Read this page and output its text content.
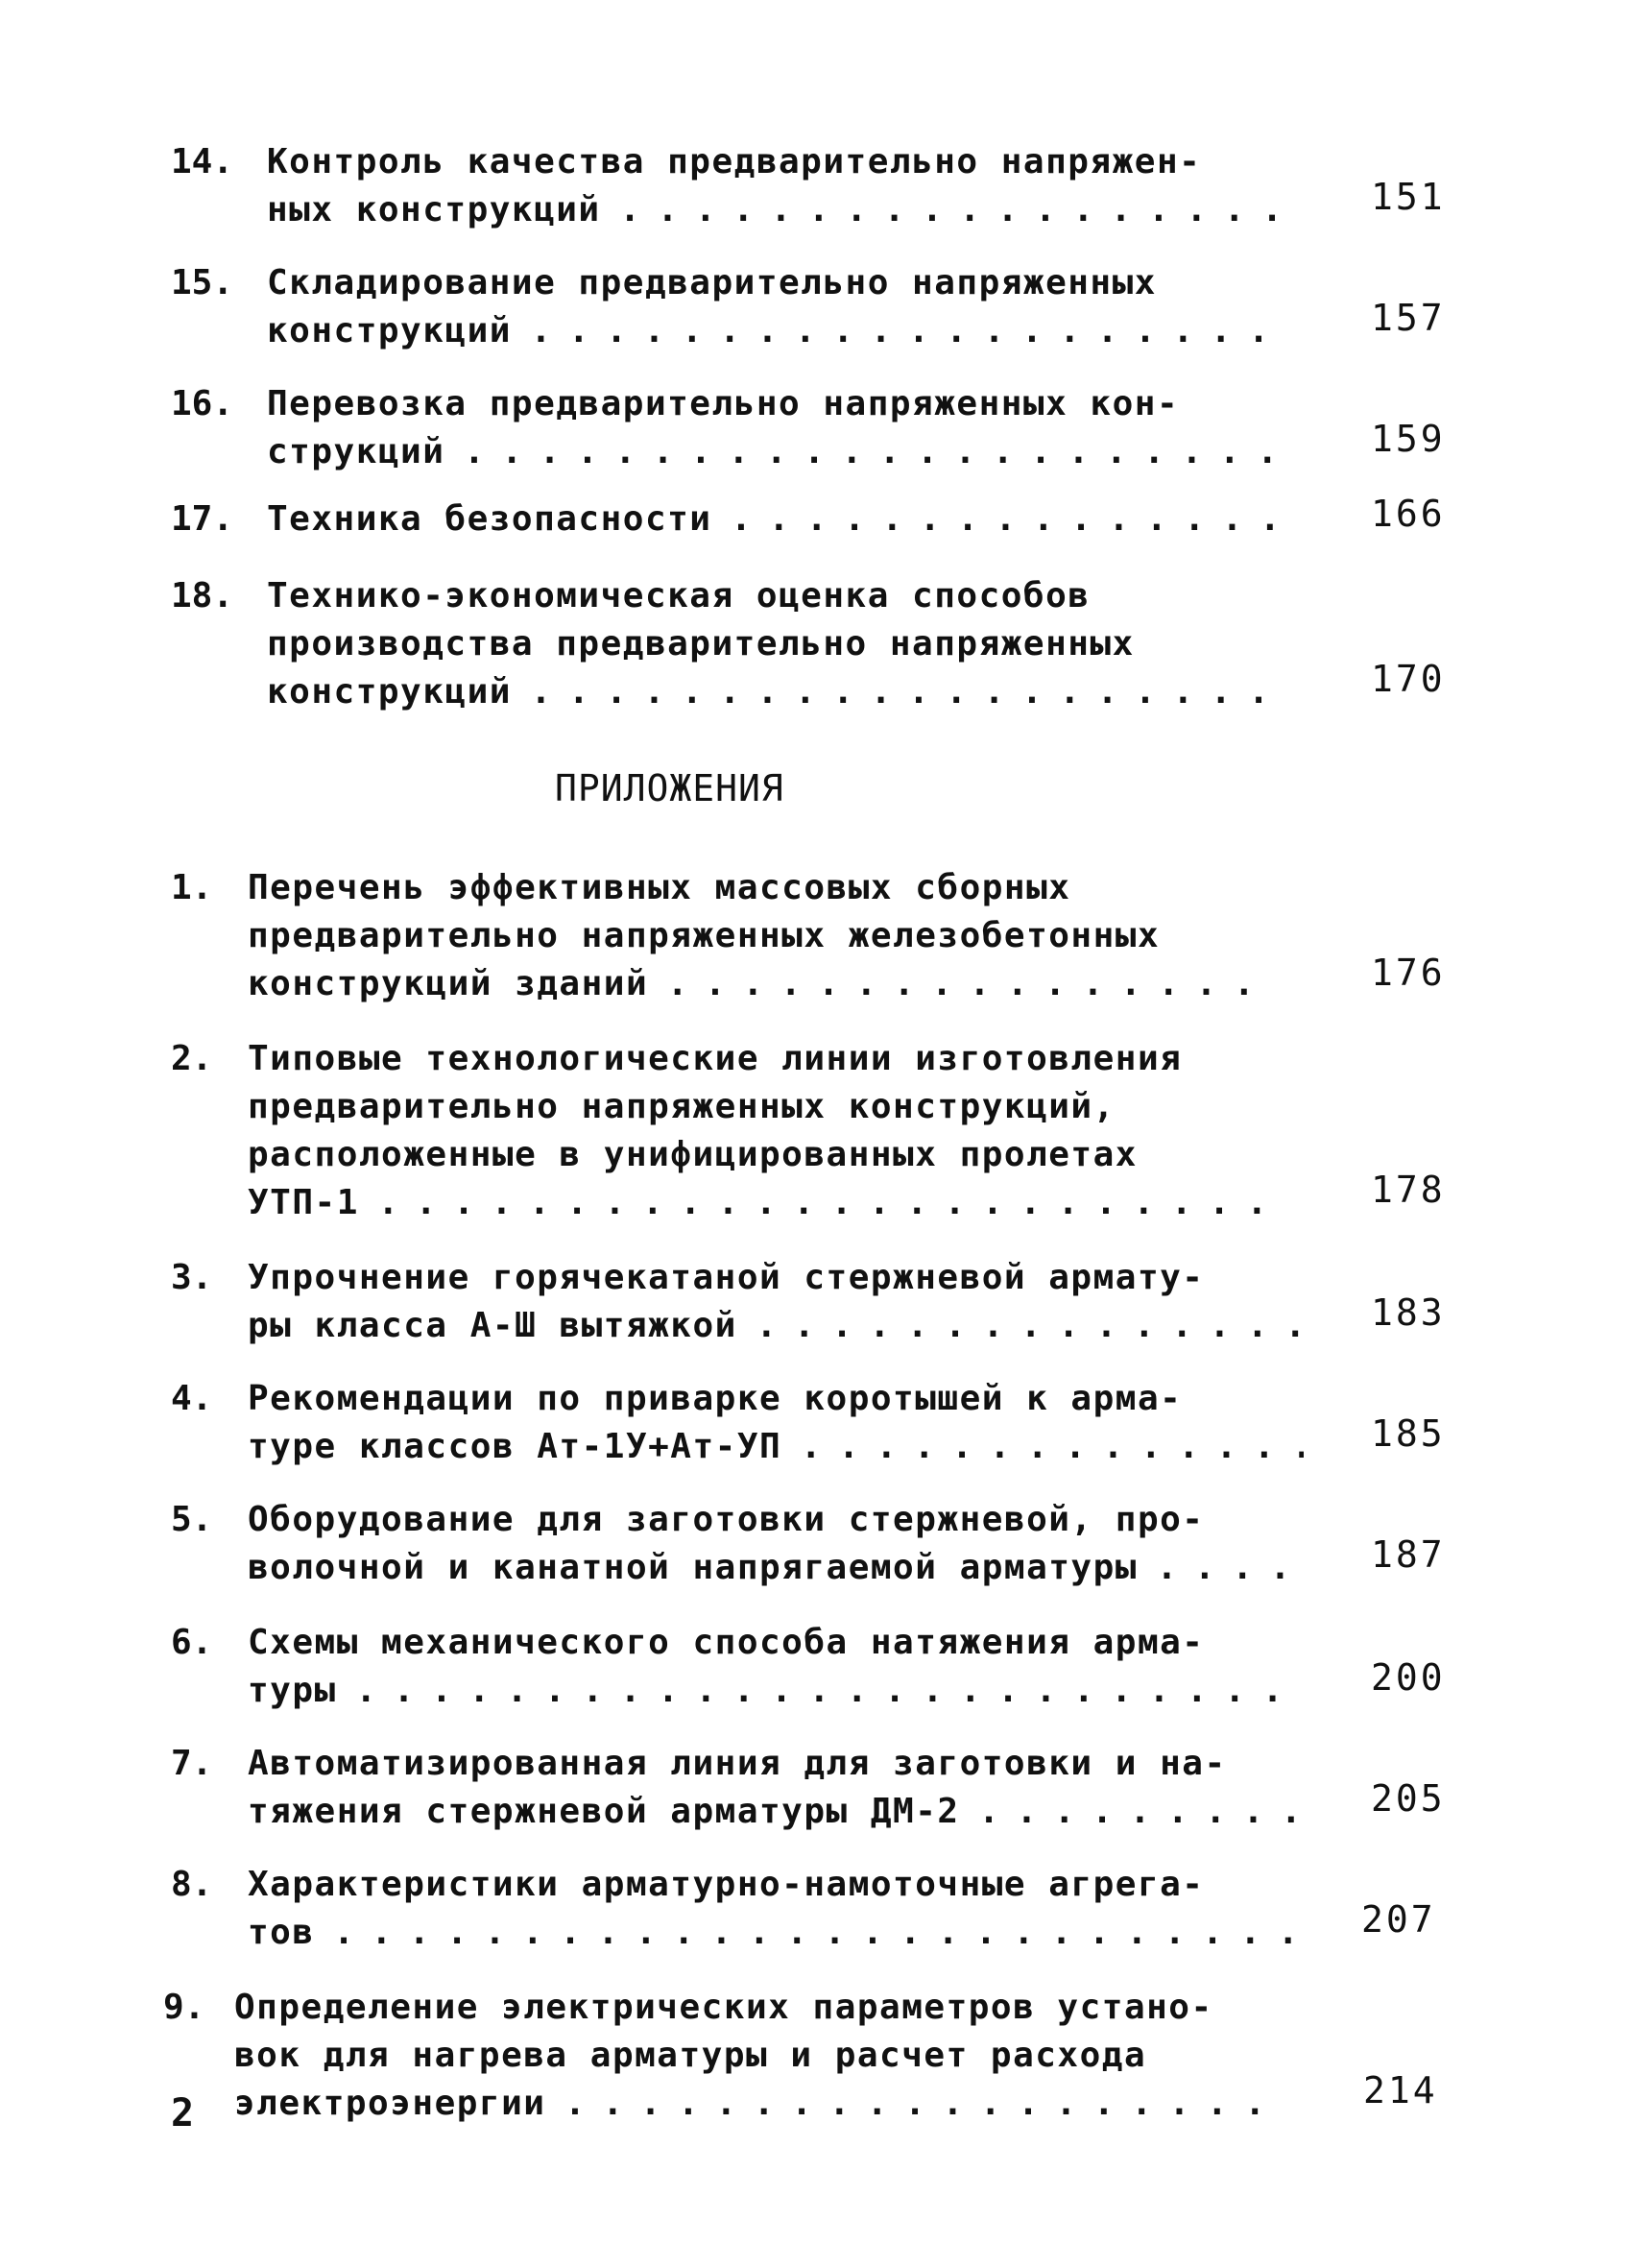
14. Контроль качества предварительно напряжен-
ных конструкций . . .	151
15. Складирование предварительно напряженных
конструкций . . .	157
16. Перевозка предварительно напряженных кон-
струкций . . .	159
17. Техника безопасности . . .	166
18. Технико-экономическая оценка способов
производства предварительно напряженных
конструкций . . .	170
ПРИЛОЖЕНИЯ
1. Перечень эффективных массовых сборных
предварительно напряженных железобетонных
конструкций зданий . . .	176
2. Типовые технологические линии изготовления
предварительно напряженных конструкций,
расположенные в унифицированных пролетах
УТП-1 . . .	178
3. Упрочнение горячекатаной стержневой армату-
ры класса А-Ш вытяжкой . . .	183
4. Рекомендации по приварке коротышей к арма-
туре классов Ат-1У+Ат-УП . . .	185
5. Оборудование для заготовки стержневой, про-
волочной и канатной напрягаемой арматуры . . .	187
6. Схемы механического способа натяжения арма-
туры . . .	200
7. Автоматизированная линия для заготовки и на-
тяжения стержневой арматуры ДМ-2 . . .	205
8. Характеристики арматурно-намоточные агрега-
тов . . .	207
9. Определение электрических параметров устано-
вок для нагрева арматуры и расчет расхода
электроэнергии . . .	214
2
